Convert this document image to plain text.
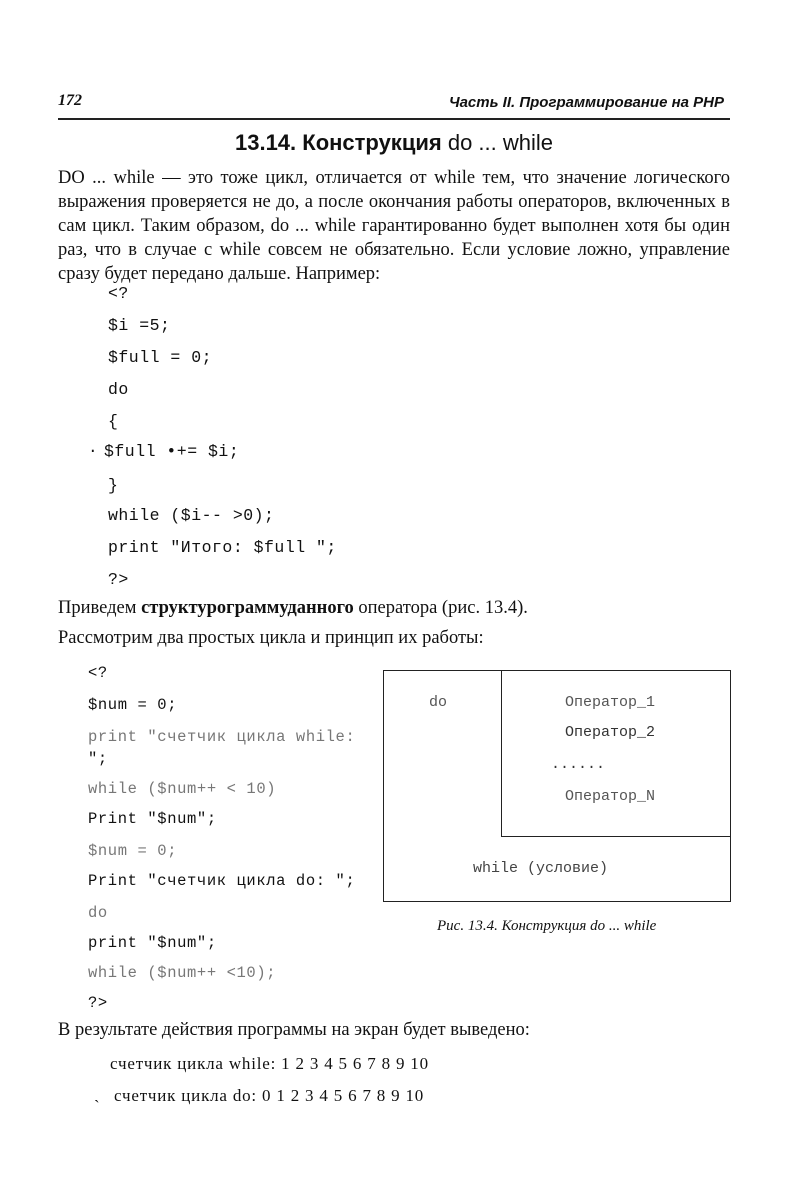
172	Часть II. Программирование на PHP
13.14. Конструкция do ... while
DO ... while — это тоже цикл, отличается от while тем, что значение логического выражения проверяется не до, а после окончания работы операторов, включенных в сам цикл. Таким образом, do ... while гарантированно будет выполнен хотя бы один раз, что в случае с while совсем не обязательно. Если условие ложно, управление сразу будет передано дальше. Например:
<?
$i =5;
$full = 0;
do
{
· $full •+= $i;
}
while ($i-- >0);
print "Итого: $full ";
?>
Приведем структурограммуданного оператора (рис. 13.4).
Рассмотрим два простых цикла и принцип их работы:
<?
$num = 0;
print "счетчик цикла while:
";
while ($num++ < 10)
Print "$num";
$num = 0;
Print "счетчик цикла do: ";
do
print "$num";
while ($num++ <10);
?>

do

	Оператор_1

Оператор_2

......

Оператор_N

while (условие)

Рис. 13.4. Конструкция do ... while
В результате действия программы на экран будет выведено:
счетчик цикла while: 1 2 3 4 5 6 7 8 9 10
ˎ счетчик цикла do: 0 1 2 3 4 5 6 7 8 9 10
